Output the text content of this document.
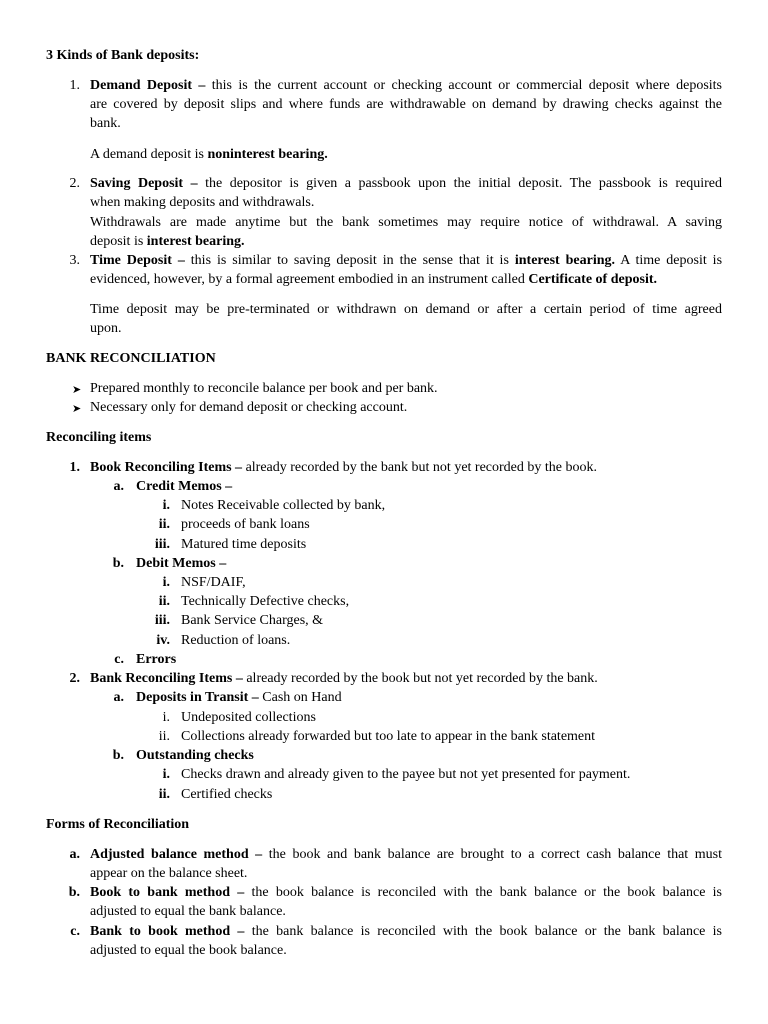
3 Kinds of Bank deposits:
1. Demand Deposit – this is the current account or checking account or commercial deposit where deposits
are covered by deposit slips and where funds are withdrawable on demand by drawing checks against the
bank.
A demand deposit is noninterest bearing.
2. Saving Deposit – the depositor is given a passbook upon the initial deposit. The passbook is required
when making deposits and withdrawals.
Withdrawals are made anytime but the bank sometimes may require notice of withdrawal. A saving
deposit is interest bearing.
3. Time Deposit – this is similar to saving deposit in the sense that it is interest bearing. A time deposit is
evidenced, however, by a formal agreement embodied in an instrument called Certificate of deposit.
Time deposit may be pre-terminated or withdrawn on demand or after a certain period of time agreed
upon.
BANK RECONCILIATION
➤ Prepared monthly to reconcile balance per book and per bank.
➤ Necessary only for demand deposit or checking account.
Reconciling items
1. Book Reconciling Items – already recorded by the bank but not yet recorded by the book.
a. Credit Memos –
i. Notes Receivable collected by bank,
ii. proceeds of bank loans
iii. Matured time deposits
b. Debit Memos –
i. NSF/DAIF,
ii. Technically Defective checks,
iii. Bank Service Charges, &
iv. Reduction of loans.
c. Errors
2. Bank Reconciling Items – already recorded by the book but not yet recorded by the bank.
a. Deposits in Transit – Cash on Hand
i. Undeposited collections
ii. Collections already forwarded but too late to appear in the bank statement
b. Outstanding checks
i. Checks drawn and already given to the payee but not yet presented for payment.
ii. Certified checks
Forms of Reconciliation
a. Adjusted balance method – the book and bank balance are brought to a correct cash balance that must
appear on the balance sheet.
b. Book to bank method – the book balance is reconciled with the bank balance or the book balance is
adjusted to equal the bank balance.
c. Bank to book method – the bank balance is reconciled with the book balance or the bank balance is
adjusted to equal the book balance.
